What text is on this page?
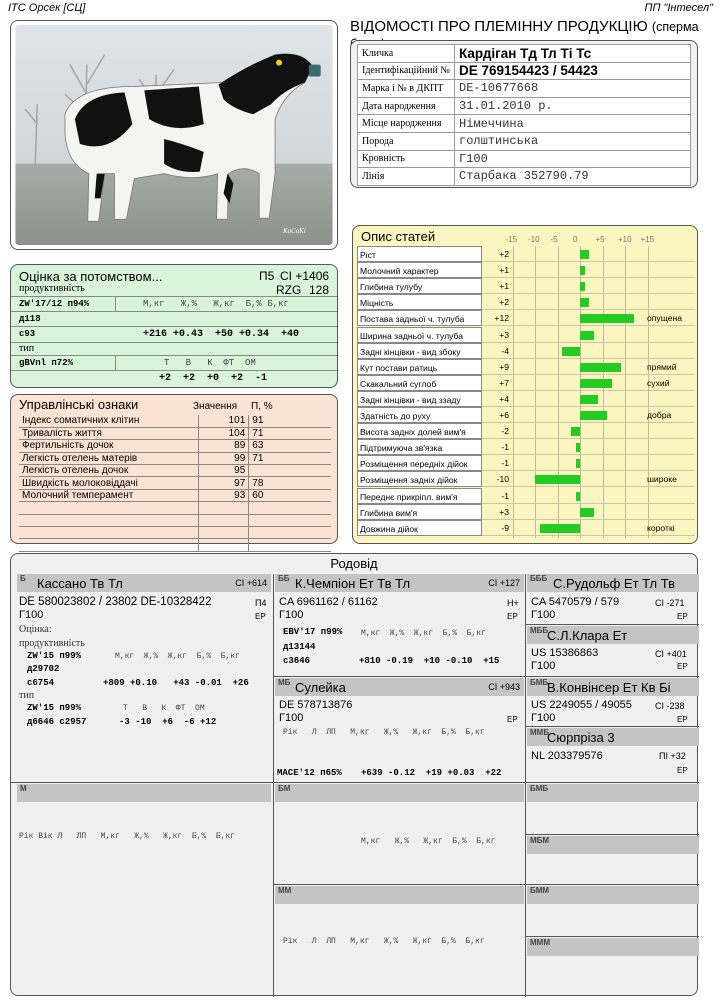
ІТС Орсек [СЦ]	ПП "Інтесел"
KoCoKi
ВІДОМОСТІ ПРО ПЛЕМІННУ ПРОДУКЦІЮ (сперма
Кличка	Кардіган Тд Тл Ті Тс
Ідентифікаційний №	DE 769154423 / 54423
Марка і № в ДКПТ	DE-10677668
Дата народження	31.01.2010 р.
Місце народження	Німеччина
Порода	голштинська
Кровність	Г100
Лінія	Старбака 352790.79
Оцінка за потомством...	П5 СІ +1406
продуктивність	RZG 128
ZW'17/12 п94%	М,кг   Ж,%   Ж,кг  Б,% Б,кг
д118
с93	+216 +0.43  +50 +0.34  +40
тип
gBVnl п72%	Т   В   К  ФТ  ОМ
+2  +2  +0  +2  -1
Управлінські ознаки	Значення П, %
Індекс соматичних клітин	101	91
Тривалість життя	104	71
Фертильність дочок	89	63
Легкість отелень матерів	99	71
Легкість отелень дочок	95	
Швидкість молоковіддачі	97	78
Молочний темперамент	93	60

Опис статей	-15 -10 -5 0 +5 +10 +15
Ріст	+2
Молочний характер	+1
Глибина тулубу	+1
Міцність	+2
Постава задньої ч. тулуба	+12	опущена
Ширина задньої ч. тулуба	+3
Задні кінцівки - вид збоку	-4
Кут постави ратиць	+9	прямий
Скакальний суглоб	+7	сухий
Задні кінцівки - вид ззаду	+4
Здатність до руху	+6	добра
Висота задніх долей вим'я	-2
Підтримуюча зв'язка	-1
Розміщення передніх дійок	-1
Розміщення задніх дійок	-10	широке
Переднє прикріпл. вим'я	-1
Глибина вим'я	+3
Довжина дійок	-9	короткі
Родовід
Б Кассано Тв Тл	СІ +614
DE 580023802 / 23802 DE-10328422	П4
Г100	ЕР
Оцінка:
продуктивність
ZW'15 п99%	М,кг  Ж,%  Ж,кг  Б,%  Б,кг
д29702
с6754	+809 +0.10   +43 -0.01  +26
тип
ZW'15 п99%	Т   В   К  ФТ  ОМ
д6646 с2957	-3 -10  +6  -6 +12
ББ К.Чемпіон Ет Тв Тл	СІ +127
CA 6961162 / 61162	Н+
Г100	ЕР
EBV'17 п99% М,кг  Ж,%  Ж,кг  Б,%  Б,кг
д13144
с3646	+810 -0.19  +10 -0.10  +15
БББ С.Рудольф Ет Тл Тв
CA 5470579 / 579	СІ -271
Г100	ЕР
МББ
С.Л.Клара Ет
US 15386863	СІ +401
Г100	ЕР
МБ Сулейка	СІ +943
DE 578713876
Г100	ЕР
Рік   Л  ЛП   М,кг   Ж,%   Ж,кг  Б,%  Б,кг
MACE'12 п65% +639 -0.12  +19 +0.03  +22
БМБ
В.Конвінсер Ет Кв Бі
US 2249055 / 49055	СІ -238
Г100	ЕР
ММБ
Сюрпріза 3
NL 203379576	ПІ +32
ЕР
М
Рік Вік Л   ЛП   М,кг   Ж,%   Ж,кг  Б,%  Б,кг
БМ
М,кг   Ж,%   Ж,кг  Б,%  Б,кг
БМБ
МБМ
ММ
Рік   Л  ЛП   М,кг   Ж,%   Ж,кг  Б,%  Б,кг
БММ
МММ
